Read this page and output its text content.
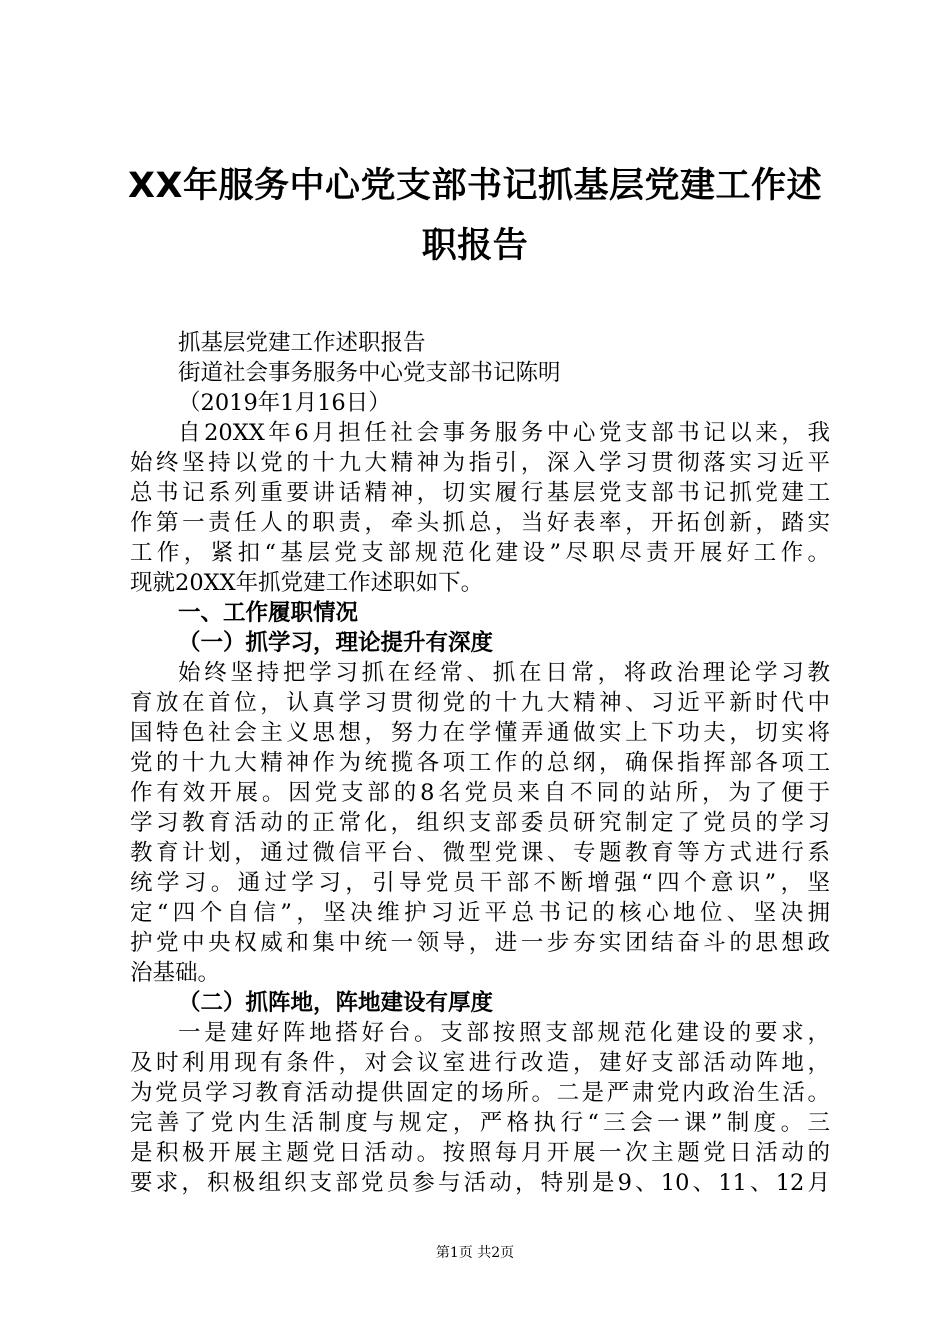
XX年服务中心党支部书记抓基层党建工作述
职报告
抓基层党建工作述职报告
街道社会事务服务中心党支部书记陈明
（2019年1月16日）
自20XX年6月担任社会事务服务中心党支部书记以来，我
始终坚持以党的十九大精神为指引，深入学习贯彻落实习近平
总书记系列重要讲话精神，切实履行基层党支部书记抓党建工
作第一责任人的职责，牵头抓总，当好表率，开拓创新，踏实
工作，紧扣“基层党支部规范化建设”尽职尽责开展好工作。
现就20XX年抓党建工作述职如下。
一、工作履职情况
（一）抓学习，理论提升有深度
始终坚持把学习抓在经常、抓在日常，将政治理论学习教
育放在首位，认真学习贯彻党的十九大精神、习近平新时代中
国特色社会主义思想，努力在学懂弄通做实上下功夫，切实将
党的十九大精神作为统揽各项工作的总纲，确保指挥部各项工
作有效开展。因党支部的8名党员来自不同的站所，为了便于
学习教育活动的正常化，组织支部委员研究制定了党员的学习
教育计划，通过微信平台、微型党课、专题教育等方式进行系
统学习。通过学习，引导党员干部不断增强“四个意识”，坚
定“四个自信”，坚决维护习近平总书记的核心地位、坚决拥
护党中央权威和集中统一领导，进一步夯实团结奋斗的思想政
治基础。
（二）抓阵地，阵地建设有厚度
一是建好阵地搭好台。支部按照支部规范化建设的要求，
及时利用现有条件，对会议室进行改造，建好支部活动阵地，
为党员学习教育活动提供固定的场所。二是严肃党内政治生活。
完善了党内生活制度与规定，严格执行“三会一课”制度。三
是积极开展主题党日活动。按照每月开展一次主题党日活动的
要求，积极组织支部党员参与活动，特别是9、10、11、12月
第1页 共2页
